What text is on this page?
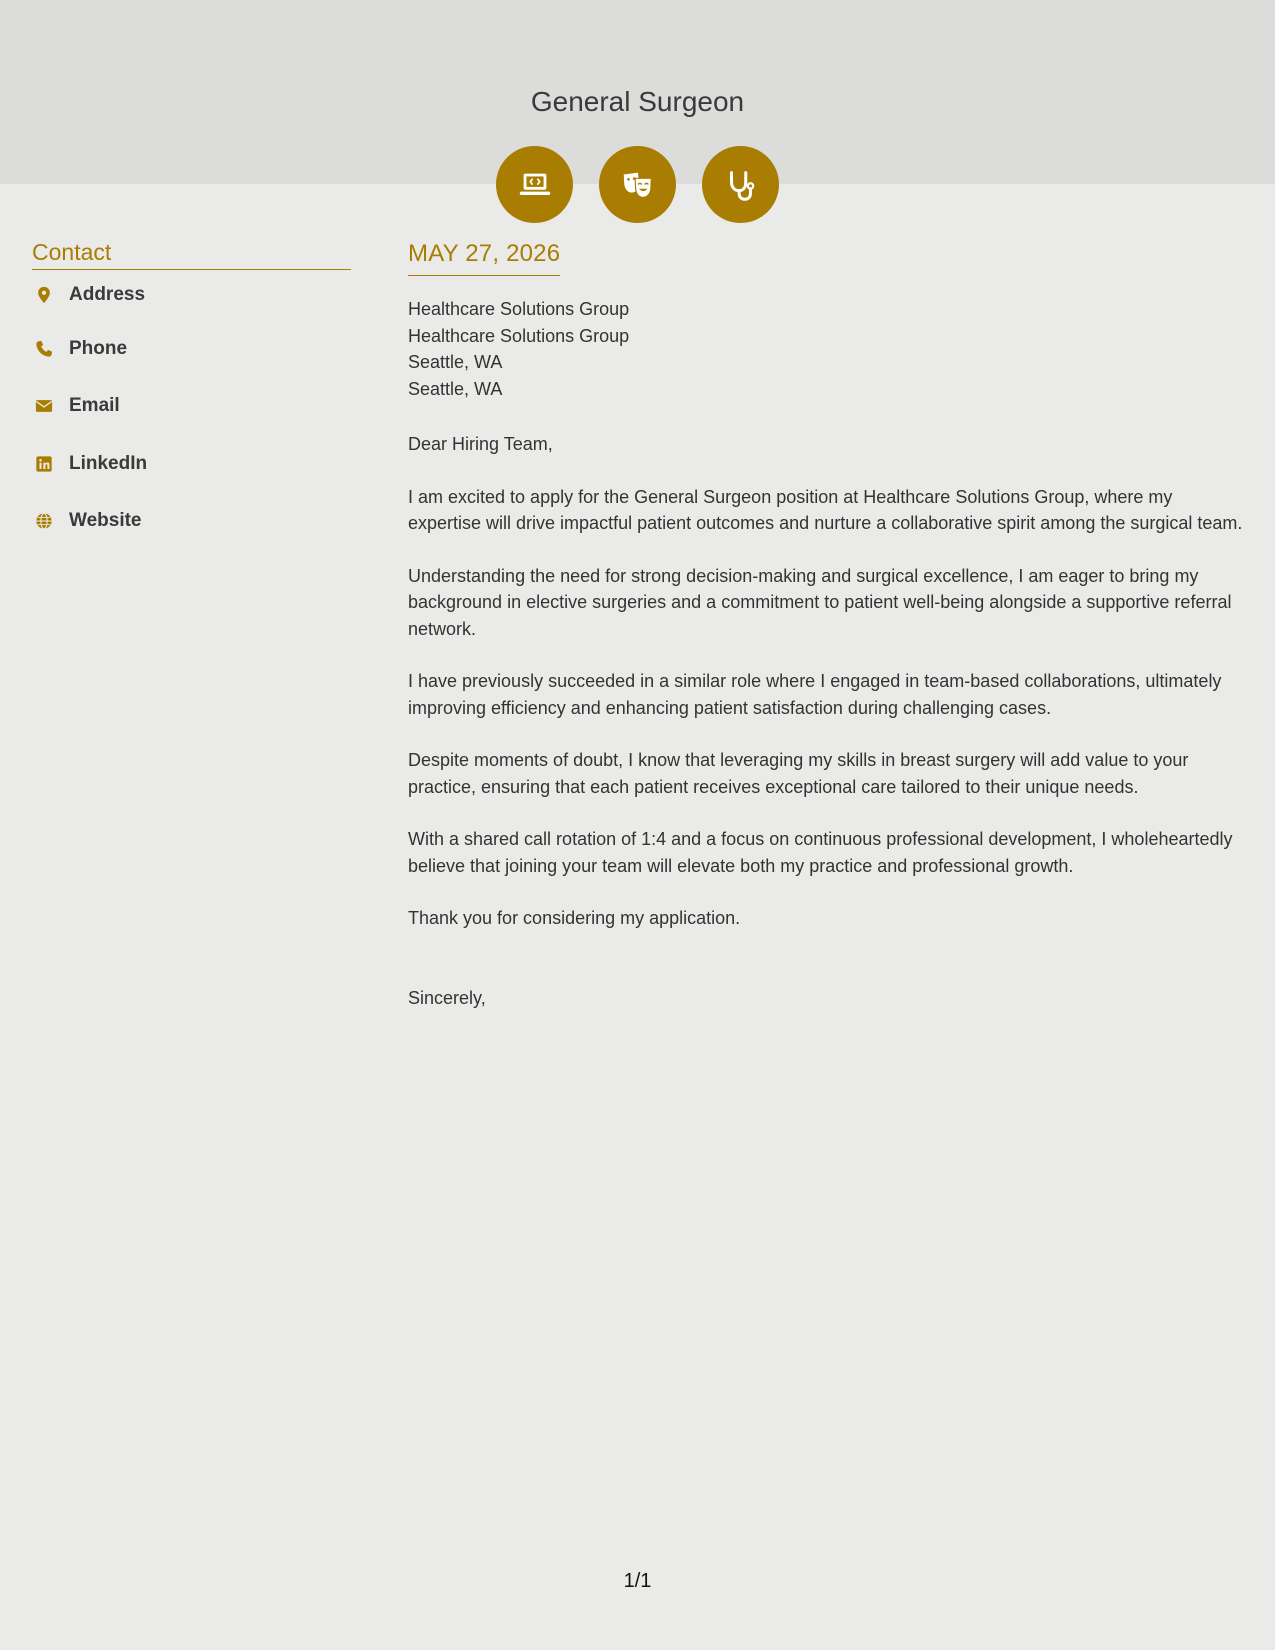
General Surgeon
Contact
Address
Phone
Email
LinkedIn
Website
MAY 27, 2026
Healthcare Solutions Group
Healthcare Solutions Group
Seattle, WA
Seattle, WA

Dear Hiring Team,

I am excited to apply for the General Surgeon position at Healthcare Solutions Group, where my expertise will drive impactful patient outcomes and nurture a collaborative spirit among the surgical team.

Understanding the need for strong decision-making and surgical excellence, I am eager to bring my background in elective surgeries and a commitment to patient well-being alongside a supportive referral network.

I have previously succeeded in a similar role where I engaged in team-based collaborations, ultimately improving efficiency and enhancing patient satisfaction during challenging cases.

Despite moments of doubt, I know that leveraging my skills in breast surgery will add value to your practice, ensuring that each patient receives exceptional care tailored to their unique needs.

With a shared call rotation of 1:4 and a focus on continuous professional development, I wholeheartedly believe that joining your team will elevate both my practice and professional growth.

Thank you for considering my application.

Sincerely,

1/1
